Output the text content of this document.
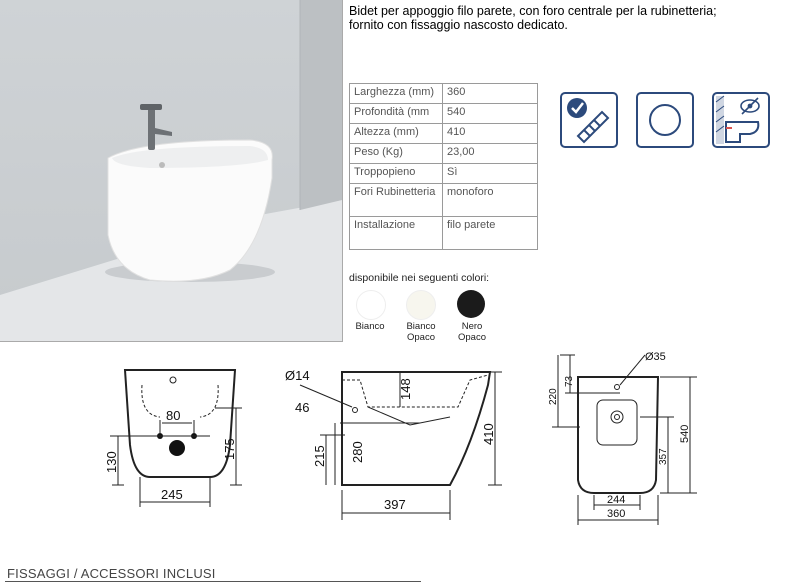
Bidet per appoggio filo parete, con foro centrale per la rubinetteria;
fornito con fissaggio nascosto dedicato.
Larghezza (mm)	360
Profondità (mm	540
Altezza (mm)	410
Peso (Kg)	23,00
Troppopieno	Sì
Fori Rubinetteria	monoforo
Installazione	filo parete
disponibile nei seguenti colori:
Bianco	Bianco
Opaco
Nero
Opaco
80
130
175
245
Ø14
148
46
410
215 280
397
Ø35
73
220
540
357
244
360
FISSAGGI / ACCESSORI INCLUSI
